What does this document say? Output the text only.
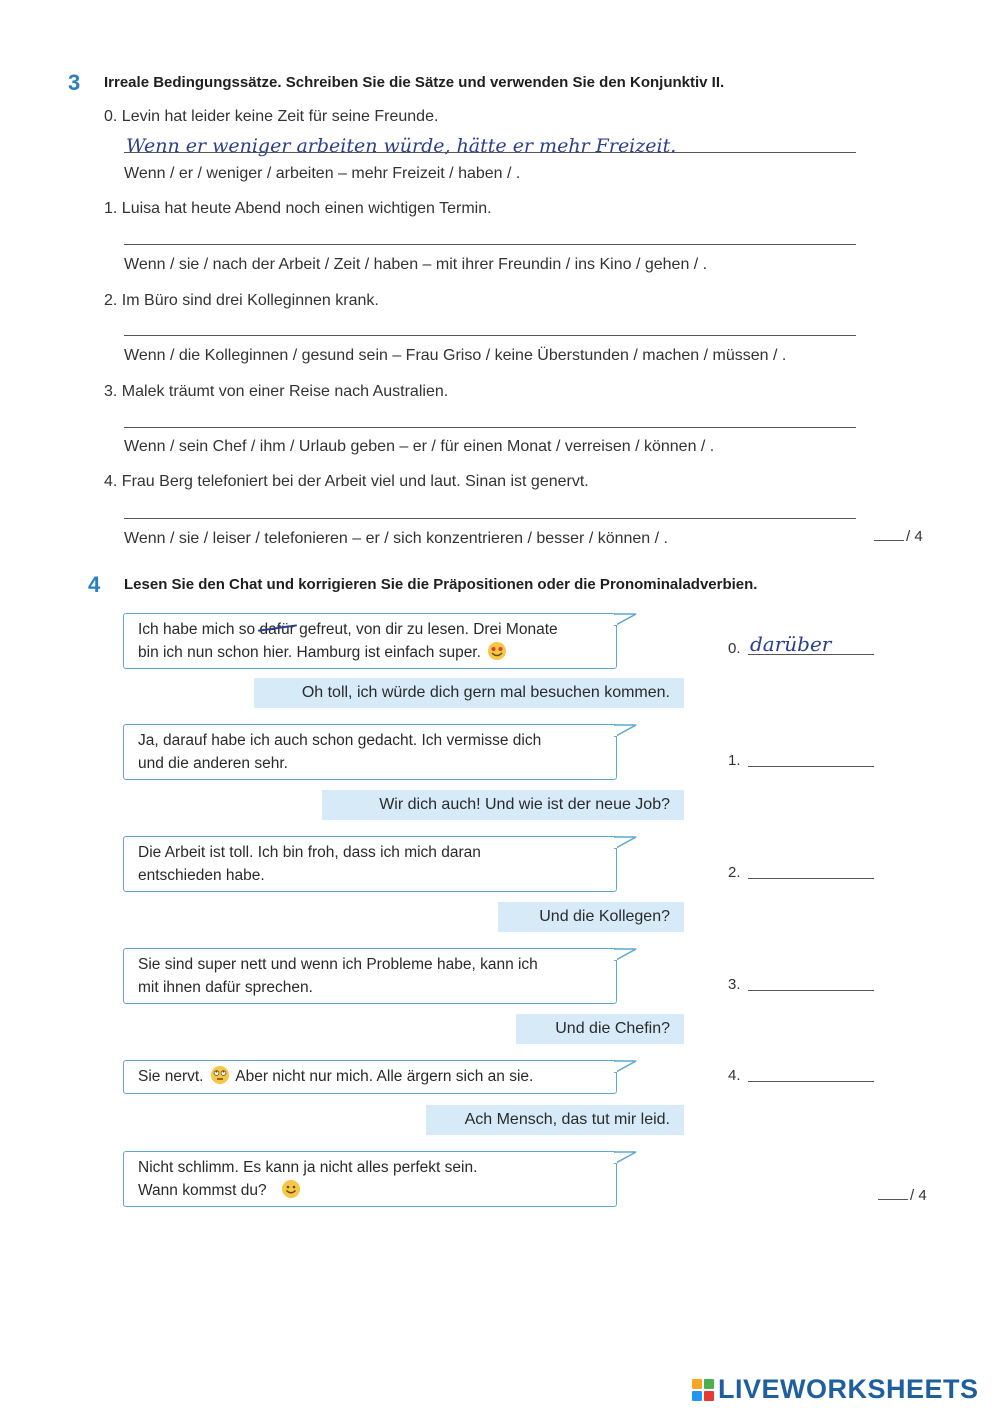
3 Irreale Bedingungssätze. Schreiben Sie die Sätze und verwenden Sie den Konjunktiv II.
0. Levin hat leider keine Zeit für seine Freunde.
Wenn er weniger arbeiten würde, hätte er mehr Freizeit.
Wenn / er / weniger / arbeiten – mehr Freizeit / haben / .
1. Luisa hat heute Abend noch einen wichtigen Termin.
Wenn / sie / nach der Arbeit / Zeit / haben – mit ihrer Freundin / ins Kino / gehen / .
2. Im Büro sind drei Kolleginnen krank.
Wenn / die Kolleginnen / gesund sein – Frau Griso / keine Überstunden / machen / müssen / .
3. Malek träumt von einer Reise nach Australien.
Wenn / sein Chef / ihm / Urlaub geben – er / für einen Monat / verreisen / können / .
4. Frau Berg telefoniert bei der Arbeit viel und laut. Sinan ist genervt.
Wenn / sie / leiser / telefonieren – er / sich konzentrieren / besser / können / .	/ 4
4 Lesen Sie den Chat und korrigieren Sie die Präpositionen oder die Pronominaladverbien.
Ich habe mich so dafür gefreut, von dir zu lesen. Drei Monate
bin ich nun schon hier. Hamburg ist einfach super.
Oh toll, ich würde dich gern mal besuchen kommen.
Ja, darauf habe ich auch schon gedacht. Ich vermisse dich
und die anderen sehr.
Wir dich auch! Und wie ist der neue Job?
Die Arbeit ist toll. Ich bin froh, dass ich mich daran
entschieden habe.
Und die Kollegen?
Sie sind super nett und wenn ich Probleme habe, kann ich
mit ihnen dafür sprechen.
Und die Chefin?
Sie nervt. Aber nicht nur mich. Alle ärgern sich an sie.
Ach Mensch, das tut mir leid.
Nicht schlimm. Es kann ja nicht alles perfekt sein.
Wann kommst du?
0. darüber
1.
2.
3.
4.
/ 4
LIVEWORKSHEETS
